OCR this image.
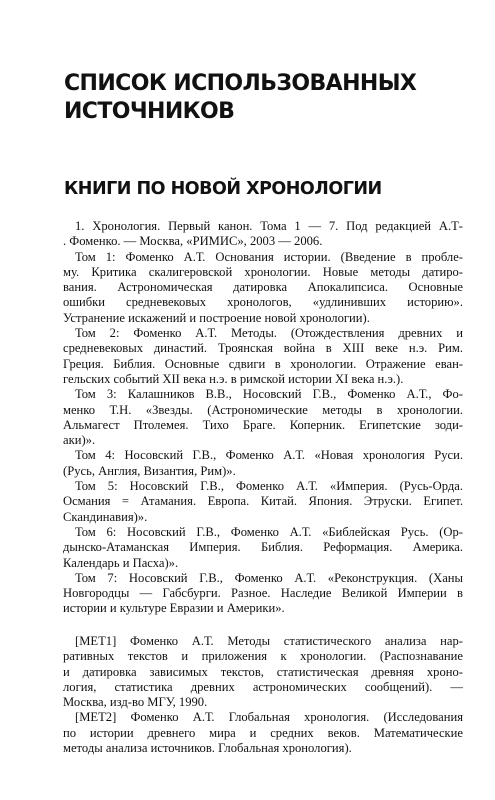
СПИСОК ИСПОЛЬЗОВАННЫХ
ИСТОЧНИКОВ
КНИГИ ПО НОВОЙ ХРОНОЛОГИИ
1. Хронология. Первый канон. Тома 1 — 7. Под редакцией А.Т-
. Фоменко. — Москва, «РИМИС», 2003 — 2006.
Том 1: Фоменко А.Т. Основания истории. (Введение в пробле-
му. Критика скалигеровской хронологии. Новые методы датиро-
вания. Астрономическая датировка Апокалипсиса. Основные
ошибки средневековых хронологов, «удлинивших историю».
Устранение искажений и построение новой хронологии).
Том 2: Фоменко А.Т. Методы. (Отождествления древних и
средневековых династий. Троянская война в XIII веке н.э. Рим.
Греция. Библия. Основные сдвиги в хронологии. Отражение еван-
гельских событий XII века н.э. в римской истории XI века н.э.).
Том 3: Калашников В.В., Носовский Г.В., Фоменко А.Т., Фо-
менко Т.Н. «Звезды. (Астрономические методы в хронологии.
Альмагест Птолемея. Тихо Браге. Коперник. Египетские зоди-
аки)».
Том 4: Носовский Г.В., Фоменко А.Т. «Новая хронология Руси.
(Русь, Англия, Византия, Рим)».
Том 5: Носовский Г.В., Фоменко А.Т. «Империя. (Русь-Орда.
Османия = Атамания. Европа. Китай. Япония. Этруски. Египет.
Скандинавия)».
Том 6: Носовский Г.В., Фоменко А.Т. «Библейская Русь. (Ор-
дынско-Атаманская Империя. Библия. Реформация. Америка.
Календарь и Пасха)».
Том 7: Носовский Г.В., Фоменко А.Т. «Реконструкция. (Ханы
Новгородцы — Габсбурги. Разное. Наследие Великой Империи в
истории и культуре Евразии и Америки».
[МЕТ1] Фоменко А.Т. Методы статистического анализа нар-
ративных текстов и приложения к хронологии. (Распознавание
и датировка зависимых текстов, статистическая древняя хроно-
логия, статистика древних астрономических сообщений). —
Москва, изд-во МГУ, 1990.
[МЕТ2] Фоменко А.Т. Глобальная хронология. (Исследования
по истории древнего мира и средних веков. Математические
методы анализа источников. Глобальная хронология).
